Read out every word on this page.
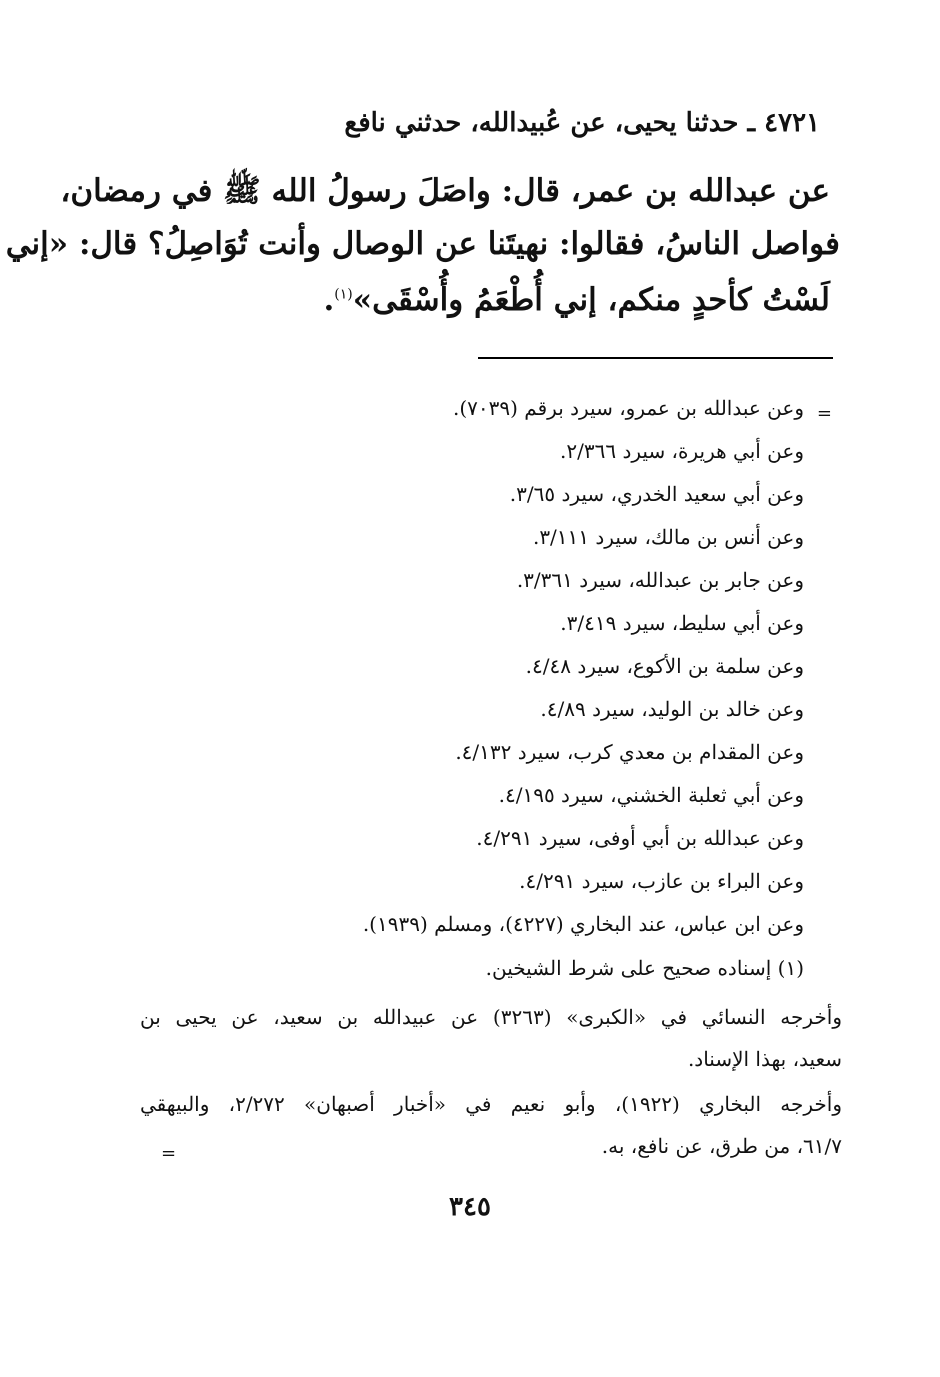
٤٧٢١ ـ حدثنا يحيى، عن عُبيدالله، حدثني نافع
عن عبدالله بن عمر، قال: واصَلَ رسولُ الله ﷺ في رمضان،
فواصل الناسُ، فقالوا: نهيتَنا عن الوصال وأنت تُوَاصِلُ؟ قال: «إني
لَسْتُ كأحدٍ منكم، إني أُطْعَمُ وأُسْقَى»$^{(١)}$.
=
وعن عبدالله بن عمرو، سيرد برقم (٧٠٣٩).
وعن أبي هريرة، سيرد ٢/٣٦٦.
وعن أبي سعيد الخدري، سيرد ٣/٦٥.
وعن أنس بن مالك، سيرد ٣/١١١.
وعن جابر بن عبدالله، سيرد ٣/٣٦١.
وعن أبي سليط، سيرد ٣/٤١٩.
وعن سلمة بن الأكوع، سيرد ٤/٤٨.
وعن خالد بن الوليد، سيرد ٤/٨٩.
وعن المقدام بن معدي كرب، سيرد ٤/١٣٢.
وعن أبي ثعلبة الخشني، سيرد ٤/١٩٥.
وعن عبدالله بن أبي أوفى، سيرد ٤/٢٩١.
وعن البراء بن عازب، سيرد ٤/٢٩١.
وعن ابن عباس، عند البخاري (٤٢٢٧)، ومسلم (١٩٣٩).
(١) إسناده صحيح على شرط الشيخين.
وأخرجه النسائي في «الكبرى» (٣٢٦٣) عن عبيدالله بن سعيد، عن يحيى بن
سعيد، بهذا الإسناد.
وأخرجه البخاري (١٩٢٢)، وأبو نعيم في «أخبار أصبهان» ٢/٢٧٢، والبيهقي
٦١/٧، من طرق، عن نافع، به.
=
٣٤٥
